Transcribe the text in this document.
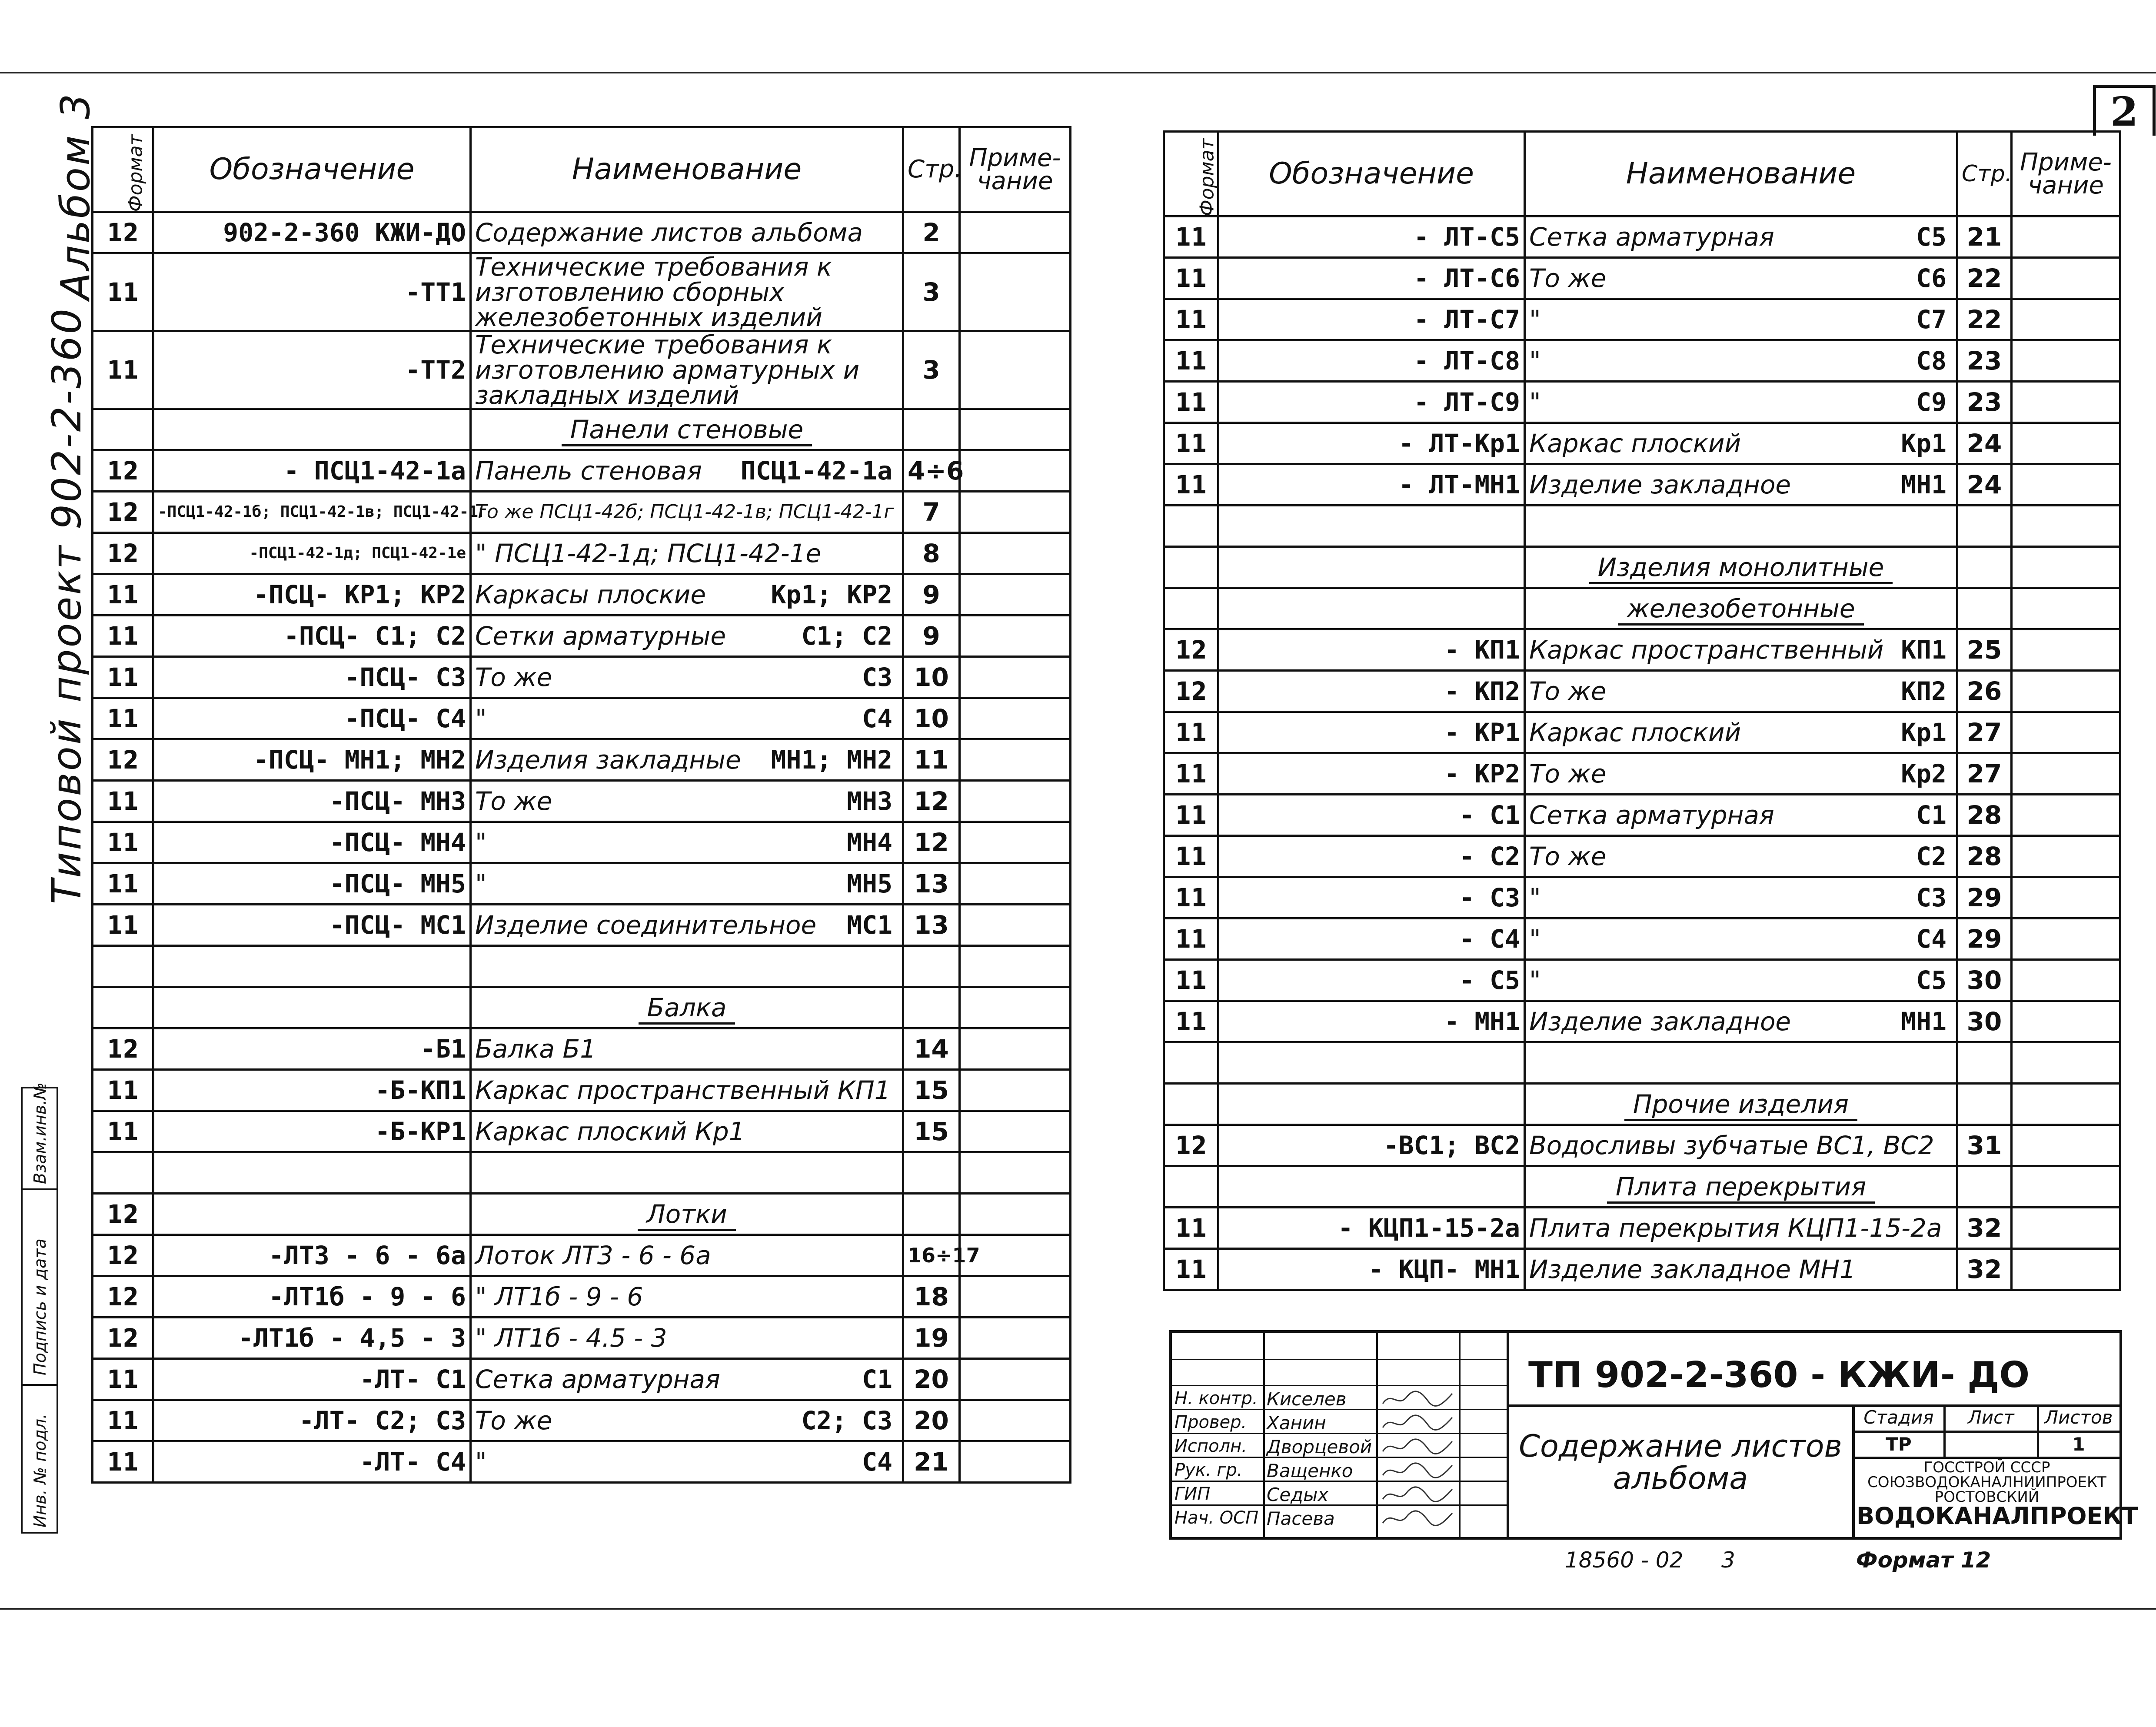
2
Альбом 3
Типовой проект 902-2-360
Взам.инв.№
Подпись и дата
Инв. № подл.
Формат	Обозначение	Наименование	Стр.	Приме-
чание
12	902-2-360 КЖИ-ДО	Содержание листов альбома	2	
11	-ТТ1	Технические требования к изготовлению сборных железобетонных изделий	3	
11	-ТТ2	Технические требования к изготовлению арматурных и закладных изделий	3	
		Панели стеновые		
12	- ПСЦ1-42-1а	Панель стеновая ПСЦ1-42-1а	4÷6	
12	-ПСЦ1-42-1б; ПСЦ1-42-1в; ПСЦ1-42-1г	То же ПСЦ1-42б; ПСЦ1-42-1в; ПСЦ1-42-1г	7	
12	-ПСЦ1-42-1д; ПСЦ1-42-1е	" ПСЦ1-42-1д; ПСЦ1-42-1е	8	
11	-ПСЦ- КР1; КР2	Каркасы плоские Кр1; КР2	9	
11	-ПСЦ- С1; С2	Сетки арматурные С1; С2	9	
11	-ПСЦ- С3	То же С3	10	
11	-ПСЦ- С4	" С4	10	
12	-ПСЦ- МН1; МН2	Изделия закладные МН1; МН2	11	
11	-ПСЦ- МН3	То же МН3	12	
11	-ПСЦ- МН4	" МН4	12	
11	-ПСЦ- МН5	" МН5	13	
11	-ПСЦ- МС1	Изделие соединительное МС1	13	

		Балка		
12	-Б1	Балка Б1	14	
11	-Б-КП1	Каркас пространственный КП1	15	
11	-Б-КР1	Каркас плоский Кр1	15	

12		Лотки		
12	-ЛТ3 - 6 - 6а	Лоток ЛТ3 - 6 - 6а	16÷17	
12	-ЛТ1б - 9 - 6	" ЛТ1б - 9 - 6	18	
12	-ЛТ1б - 4,5 - 3	" ЛТ1б - 4.5 - 3	19	
11	-ЛТ- С1	Сетка арматурная С1	20	
11	-ЛТ- С2; С3	То же С2; С3	20	
11	-ЛТ- С4	" С4	21	
Формат	Обозначение	Наименование	Стр.	Приме-
чание
11	- ЛТ-С5	Сетка арматурная С5	21	
11	- ЛТ-С6	То же С6	22	
11	- ЛТ-С7	" С7	22	
11	- ЛТ-С8	" С8	23	
11	- ЛТ-С9	" С9	23	
11	- ЛТ-Кр1	Каркас плоский Кр1	24	
11	- ЛТ-МН1	Изделие закладное МН1	24	

		Изделия монолитные		
		железобетонные		
12	- КП1	Каркас пространственный КП1	25	
12	- КП2	То же КП2	26	
11	- КР1	Каркас плоский Кр1	27	
11	- КР2	То же Кр2	27	
11	- С1	Сетка арматурная С1	28	
11	- С2	То же С2	28	
11	- С3	" С3	29	
11	- С4	" С4	29	
11	- С5	" С5	30	
11	- МН1	Изделие закладное МН1	30	

		Прочие изделия		
12	-ВС1; ВС2	Водосливы зубчатые ВС1, ВС2	31	
		Плита перекрытия		
11	- КЦП1-15-2а	Плита перекрытия КЦП1-15-2а	32	
11	- КЦП- МН1	Изделие закладное МН1	32	
Н. контр. Киселев
Провер. Ханин
Исполн. Дворцевой
Рук. гр. Ващенко
ГИП	Седых
Нач. ОСП Пасева
ТП 902-2-360 - КЖИ- ДО
Содержание листов альбома
Стадия	Лист	Листов
ТР	1
ГОССТРОЙ СССР
СОЮЗВОДОКАНАЛНИИПРОЕКТ
РОСТОВСКИЙ
ВОДОКАНАЛПРОЕКТ
18560 - 02 3	Формат 12
